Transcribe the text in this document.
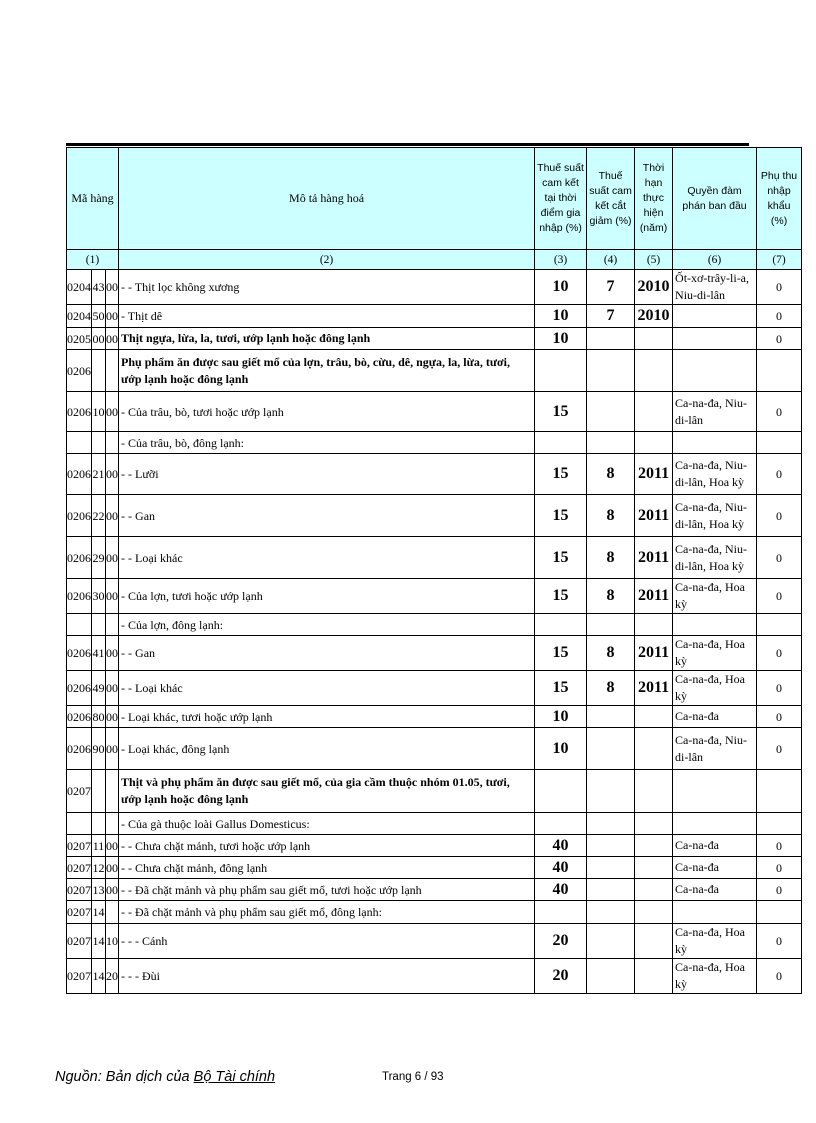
Mã hàng			Mô tả hàng hoá	Thuế suất cam kết tại thời điểm gia nhập (%)	Thuế suất cam kết cắt giảm (%)	Thời hạn thực hiện (năm)	Quyền đàm phán ban đầu	Phụ thu nhập khẩu (%)
(1)			(2)	(3)	(4)	(5)	(6)	(7)
0204	43	00	- - Thịt lọc không xương	10	7	2010	Ốt-xơ-trây-li-a, Niu-di-lân	0
0204	50	00	- Thịt dê	10	7	2010		0
0205	00	00	Thịt ngựa, lừa, la, tươi, ướp lạnh hoặc đông lạnh	10				0
0206			Phụ phẩm ăn được sau giết mổ của lợn, trâu, bò, cừu, dê, ngựa, la, lừa, tươi, ướp lạnh hoặc đông lạnh					
0206	10	00	- Của trâu, bò, tươi hoặc ướp lạnh	15			Ca-na-đa, Niu-di-lân	0
			- Của trâu, bò, đông lạnh:					
0206	21	00	- - Lưỡi	15	8	2011	Ca-na-đa, Niu-di-lân, Hoa kỳ	0
0206	22	00	- - Gan	15	8	2011	Ca-na-đa, Niu-di-lân, Hoa kỳ	0
0206	29	00	- - Loại khác	15	8	2011	Ca-na-đa, Niu-di-lân, Hoa kỳ	0
0206	30	00	- Của lợn, tươi hoặc ướp lạnh	15	8	2011	Ca-na-đa, Hoa kỳ	0
			- Của lợn, đông lạnh:					
0206	41	00	- - Gan	15	8	2011	Ca-na-đa, Hoa kỳ	0
0206	49	00	- - Loại khác	15	8	2011	Ca-na-đa, Hoa kỳ	0
0206	80	00	- Loại khác, tươi hoặc ướp lạnh	10			Ca-na-đa	0
0206	90	00	- Loại khác, đông lạnh	10			Ca-na-đa, Niu-di-lân	0
0207			Thịt và phụ phẩm ăn được sau giết mổ, của gia cầm thuộc nhóm 01.05, tươi, ướp lạnh hoặc đông lạnh					
			- Của gà thuộc loài Gallus Domesticus:					
0207	11	00	- - Chưa chặt mảnh, tươi hoặc ướp lạnh	40			Ca-na-đa	0
0207	12	00	- - Chưa chặt mảnh, đông lạnh	40			Ca-na-đa	0
0207	13	00	- - Đã chặt mảnh và phụ phẩm sau giết mổ, tươi hoặc ướp lạnh	40			Ca-na-đa	0
0207	14		- - Đã chặt mảnh và phụ phẩm sau giết mổ, đông lạnh:					
0207	14	10	- - - Cánh	20			Ca-na-đa, Hoa kỳ	0
0207	14	20	- - - Đùi	20			Ca-na-đa, Hoa kỳ	0
Nguồn: Bản dịch của Bộ Tài chính	Trang 6 / 93
